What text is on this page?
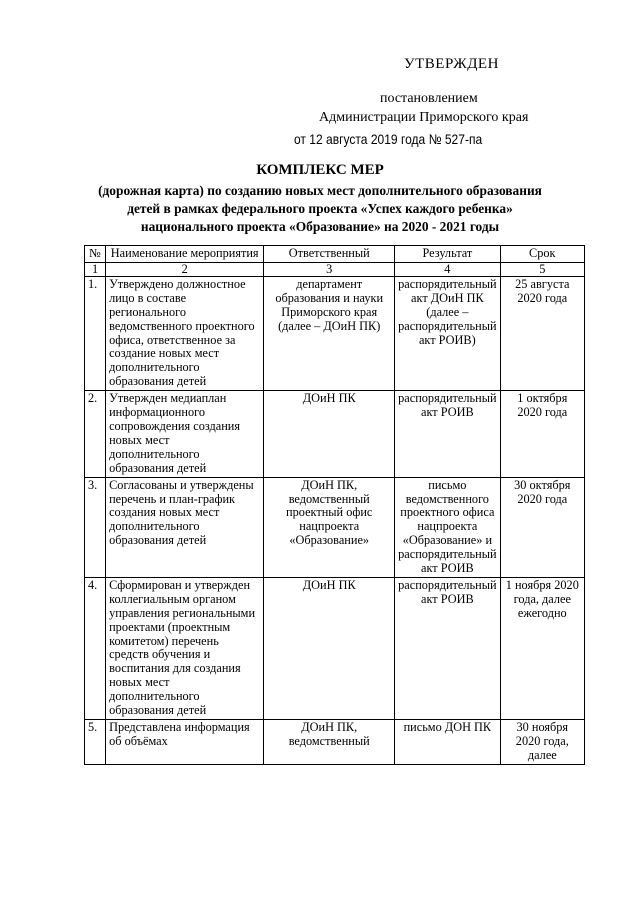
УТВЕРЖДЕН
постановлением
Администрации Приморского края
от 12 августа 2019 года № 527-па
КОМПЛЕКС МЕР
(дорожная карта) по созданию новых мест дополнительного образования
детей в рамках федерального проекта «Успех каждого ребенка»
национального проекта «Образование» на 2020 - 2021 годы
№	Наименование мероприятия	Ответственный	Результат	Срок
1	2	3	4	5
1.	Утверждено должностное лицо в составе регионального ведомственного проектного офиса, ответственное за создание новых мест дополнительного образования детей	департамент образования и науки Приморского края (далее – ДОиН ПК)	распорядительный акт ДОиН ПК (далее – распорядительный акт РОИВ)	25 августа 2020 года
2.	Утвержден медиаплан информационного сопровождения создания новых мест дополнительного образования детей	ДОиН ПК	распорядительный акт РОИВ	1 октября 2020 года
3.	Согласованы и утверждены перечень и план-график создания новых мест дополнительного образования детей	ДОиН ПК, ведомственный проектный офис нацпроекта «Образование»	письмо ведомственного проектного офиса нацпроекта «Образование» и распорядительный акт РОИВ	30 октября 2020 года
4.	Сформирован и утвержден коллегиальным органом управления региональными проектами (проектным комитетом) перечень средств обучения и воспитания для создания новых мест дополнительного образования детей	ДОиН ПК	распорядительный акт РОИВ	1 ноября 2020 года, далее ежегодно
5.	Представлена информация об объёмах	ДОиН ПК, ведомственный	письмо ДОН ПК	30 ноября 2020 года, далее
